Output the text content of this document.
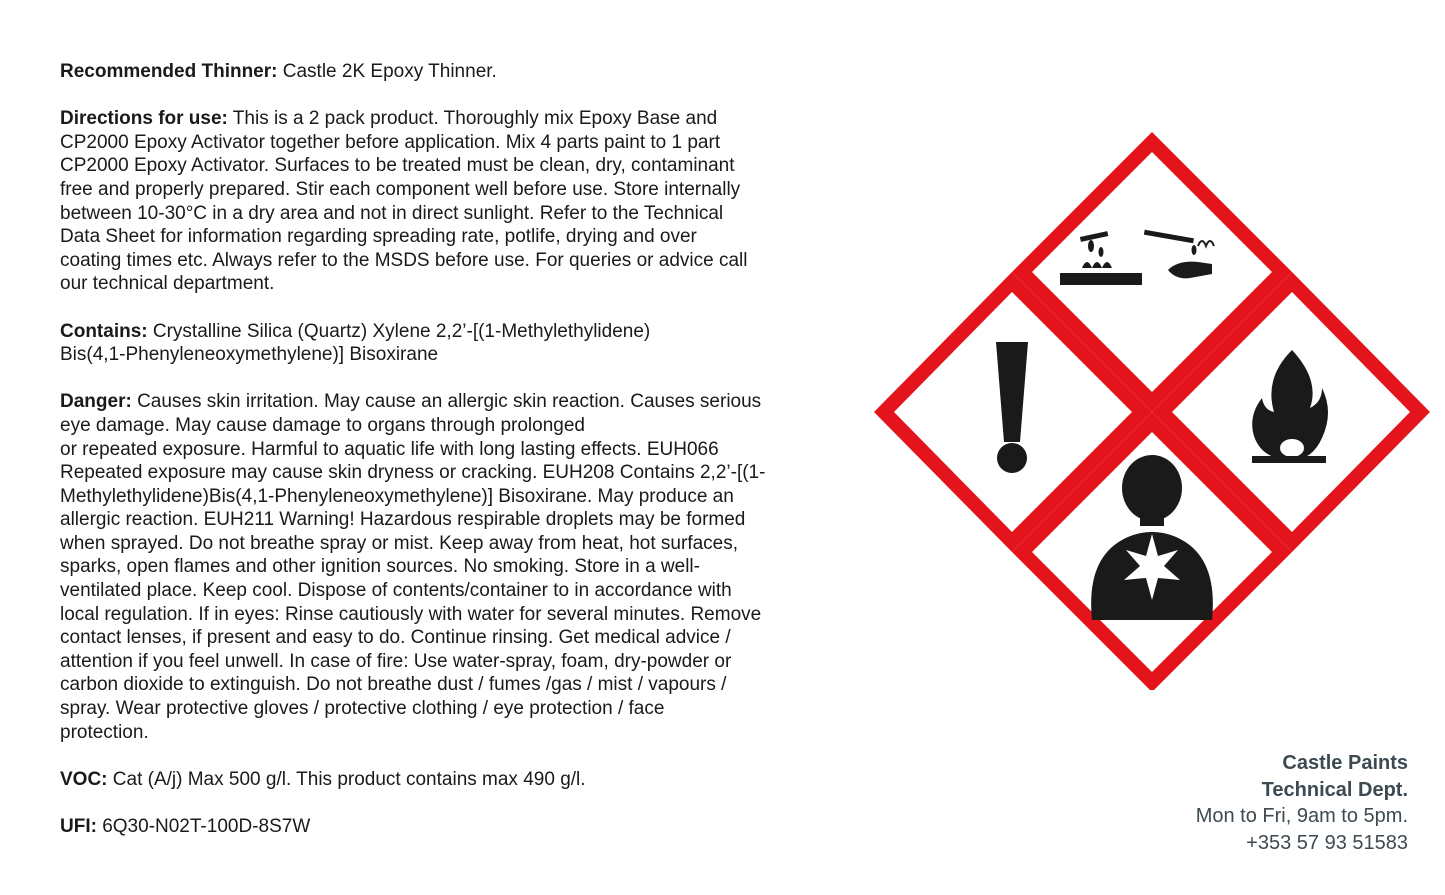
Recommended Thinner: Castle 2K Epoxy Thinner.

Directions for use: This is a 2 pack product. Thoroughly mix Epoxy Base and
CP2000 Epoxy Activator together before application. Mix 4 parts paint to 1 part
CP2000 Epoxy Activator. Surfaces to be treated must be clean, dry, contaminant
free and properly prepared. Stir each component well before use. Store internally
between 10-30°C in a dry area and not in direct sunlight. Refer to the Technical
Data Sheet for information regarding spreading rate, potlife, drying and over
coating times etc. Always refer to the MSDS before use. For queries or advice call
our technical department.

Contains: Crystalline Silica (Quartz) Xylene 2,2’-[(1-Methylethylidene)
Bis(4,1-Phenyleneoxymethylene)] Bisoxirane

Danger: Causes skin irritation. May cause an allergic skin reaction. Causes serious
eye damage. May cause damage to organs through prolonged
or repeated exposure. Harmful to aquatic life with long lasting effects. EUH066
Repeated exposure may cause skin dryness or cracking. EUH208 Contains 2,2’-[(1-
Methylethylidene)Bis(4,1-Phenyleneoxymethylene)] Bisoxirane. May produce an
allergic reaction. EUH211 Warning! Hazardous respirable droplets may be formed
when sprayed. Do not breathe spray or mist. Keep away from heat, hot surfaces,
sparks, open flames and other ignition sources. No smoking. Store in a well-
ventilated place. Keep cool. Dispose of contents/container to in accordance with
local regulation. If in eyes: Rinse cautiously with water for several minutes. Remove
contact lenses, if present and easy to do. Continue rinsing. Get medical advice /
attention if you feel unwell. In case of fire: Use water-spray, foam, dry-powder or
carbon dioxide to extinguish. Do not breathe dust / fumes /gas / mist / vapours /
spray. Wear protective gloves / protective clothing / eye protection / face
protection.

VOC: Cat (A/j) Max 500 g/l. This product contains max 490 g/l.

UFI: 6Q30-N02T-100D-8S7W

Castle Paints
Technical Dept.
Mon to Fri, 9am to 5pm.
+353 57 93 51583
